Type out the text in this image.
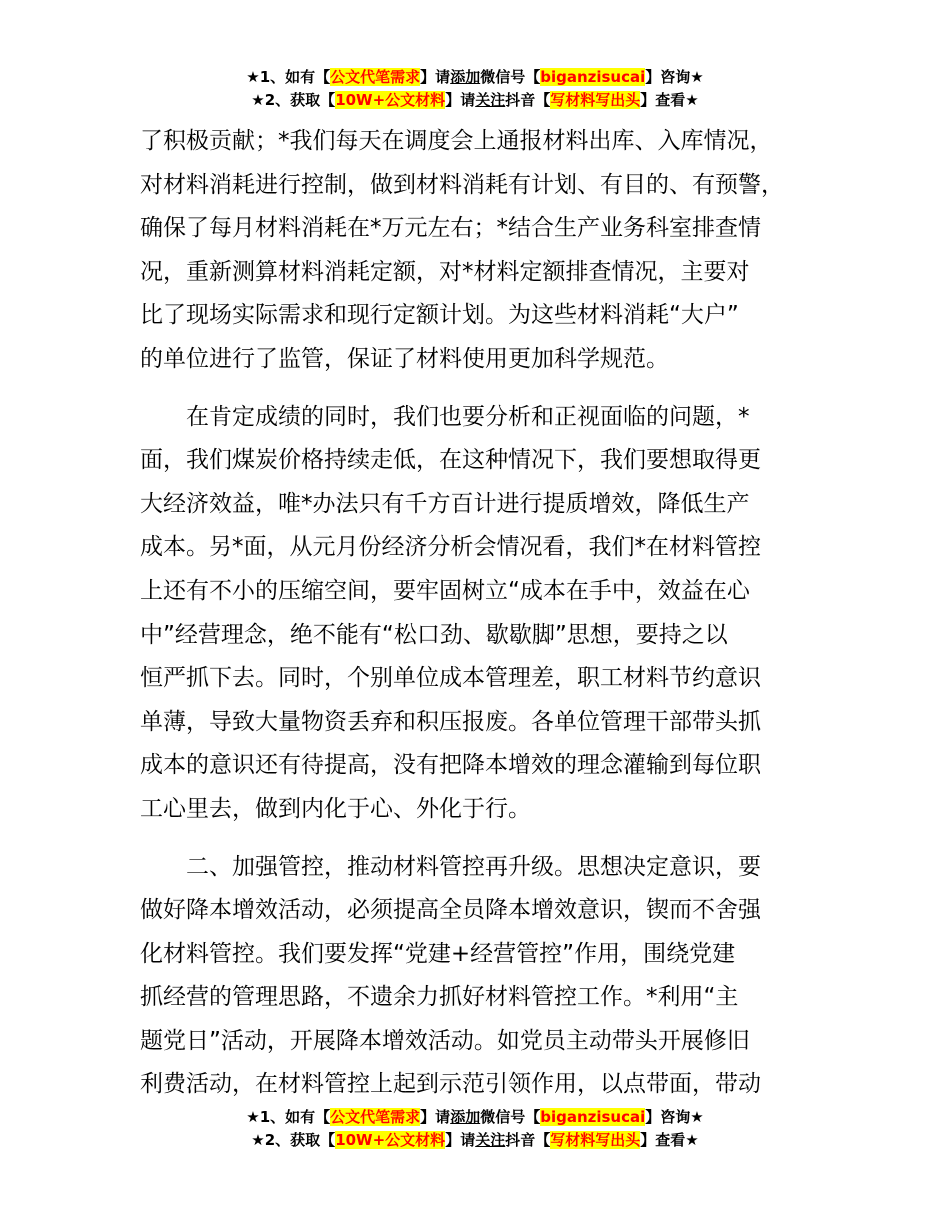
★1、如有【公文代笔需求】请添加微信号【biganzisucai】咨询★
★2、获取【10W+公文材料】请关注抖音【写材料写出头】查看★

了积极贡献；*我们每天在调度会上通报材料出库、入库情况，
对材料消耗进行控制，做到材料消耗有计划、有目的、有预警，
确保了每月材料消耗在*万元左右；*结合生产业务科室排查情
况，重新测算材料消耗定额，对*材料定额排查情况，主要对
比了现场实际需求和现行定额计划。为这些材料消耗“大户”
的单位进行了监管，保证了材料使用更加科学规范。

　　在肯定成绩的同时，我们也要分析和正视面临的问题，*
面，我们煤炭价格持续走低，在这种情况下，我们要想取得更
大经济效益，唯*办法只有千方百计进行提质增效，降低生产
成本。另*面，从元月份经济分析会情况看，我们*在材料管控
上还有不小的压缩空间，要牢固树立“成本在手中，效益在心
中”经营理念，绝不能有“松口劲、歇歇脚”思想，要持之以
恒严抓下去。同时，个别单位成本管理差，职工材料节约意识
单薄，导致大量物资丢弃和积压报废。各单位管理干部带头抓
成本的意识还有待提高，没有把降本增效的理念灌输到每位职
工心里去，做到内化于心、外化于行。

　　二、加强管控，推动材料管控再升级。思想决定意识，要
做好降本增效活动，必须提高全员降本增效意识，锲而不舍强
化材料管控。我们要发挥“党建+经营管控”作用，围绕党建
抓经营的管理思路，不遗余力抓好材料管控工作。*利用“主
题党日”活动，开展降本增效活动。如党员主动带头开展修旧
利费活动，在材料管控上起到示范引领作用，以点带面，带动

★1、如有【公文代笔需求】请添加微信号【biganzisucai】咨询★
★2、获取【10W+公文材料】请关注抖音【写材料写出头】查看★
